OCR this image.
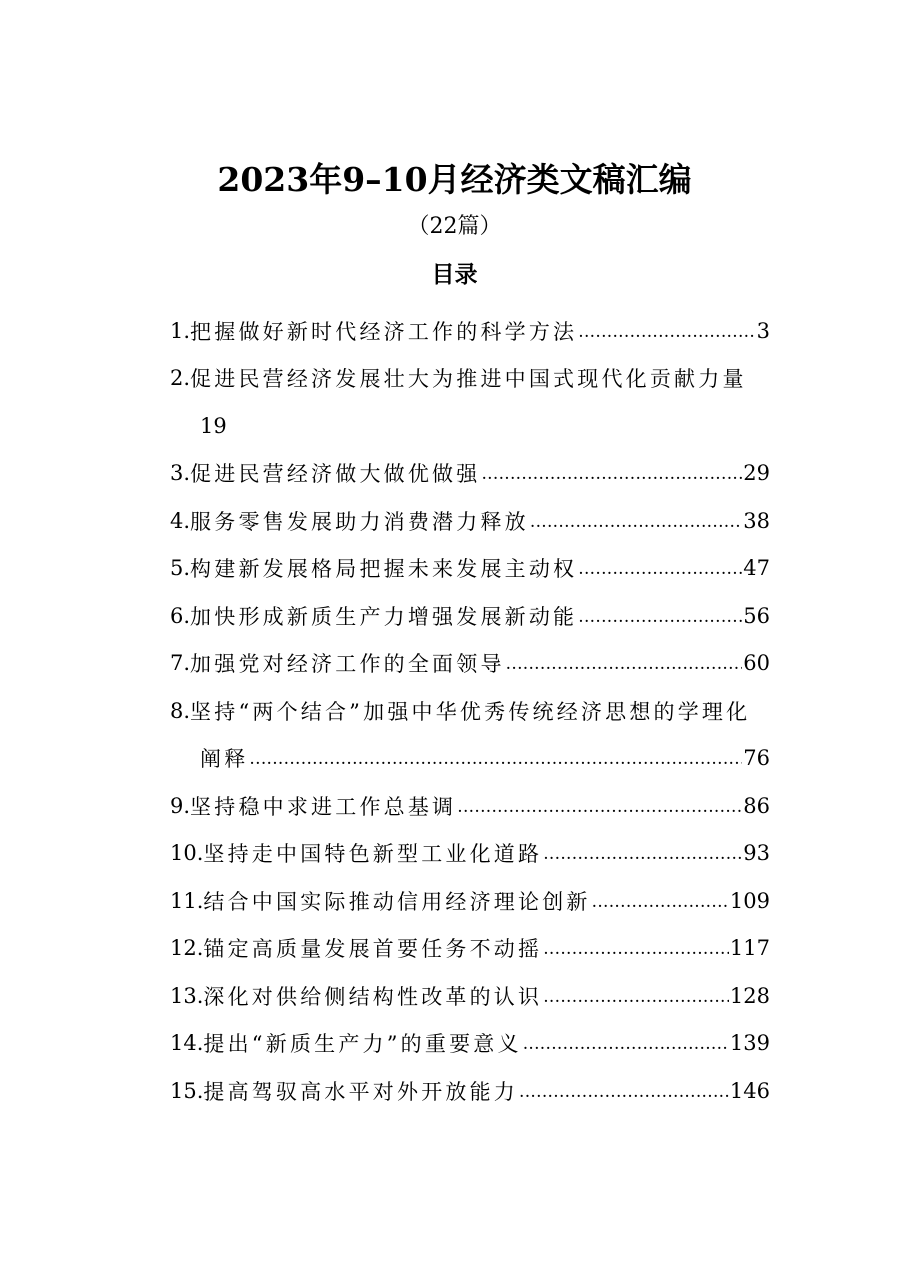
2023年9–10月经济类文稿汇编
（22篇）
目录
1. 把握做好新时代经济工作的科学方法 .....	3
2. 促进民营经济发展壮大为推进中国式现代化贡献力量
19
3. 促进民营经济做大做优做强 .....	29
4. 服务零售发展助力消费潜力释放 .....	38
5. 构建新发展格局把握未来发展主动权 .....	47
6. 加快形成新质生产力增强发展新动能 .....	56
7. 加强党对经济工作的全面领导 .....	60
8. 坚持“两个结合”加强中华优秀传统经济思想的学理化
阐释 .....	76
9. 坚持稳中求进工作总基调 .....	86
10. 坚持走中国特色新型工业化道路 .....	93
11. 结合中国实际推动信用经济理论创新 .....	109
12. 锚定高质量发展首要任务不动摇 .....	117
13. 深化对供给侧结构性改革的认识 .....	128
14. 提出“新质生产力”的重要意义 .....	139
15. 提高驾驭高水平对外开放能力 .....	146
